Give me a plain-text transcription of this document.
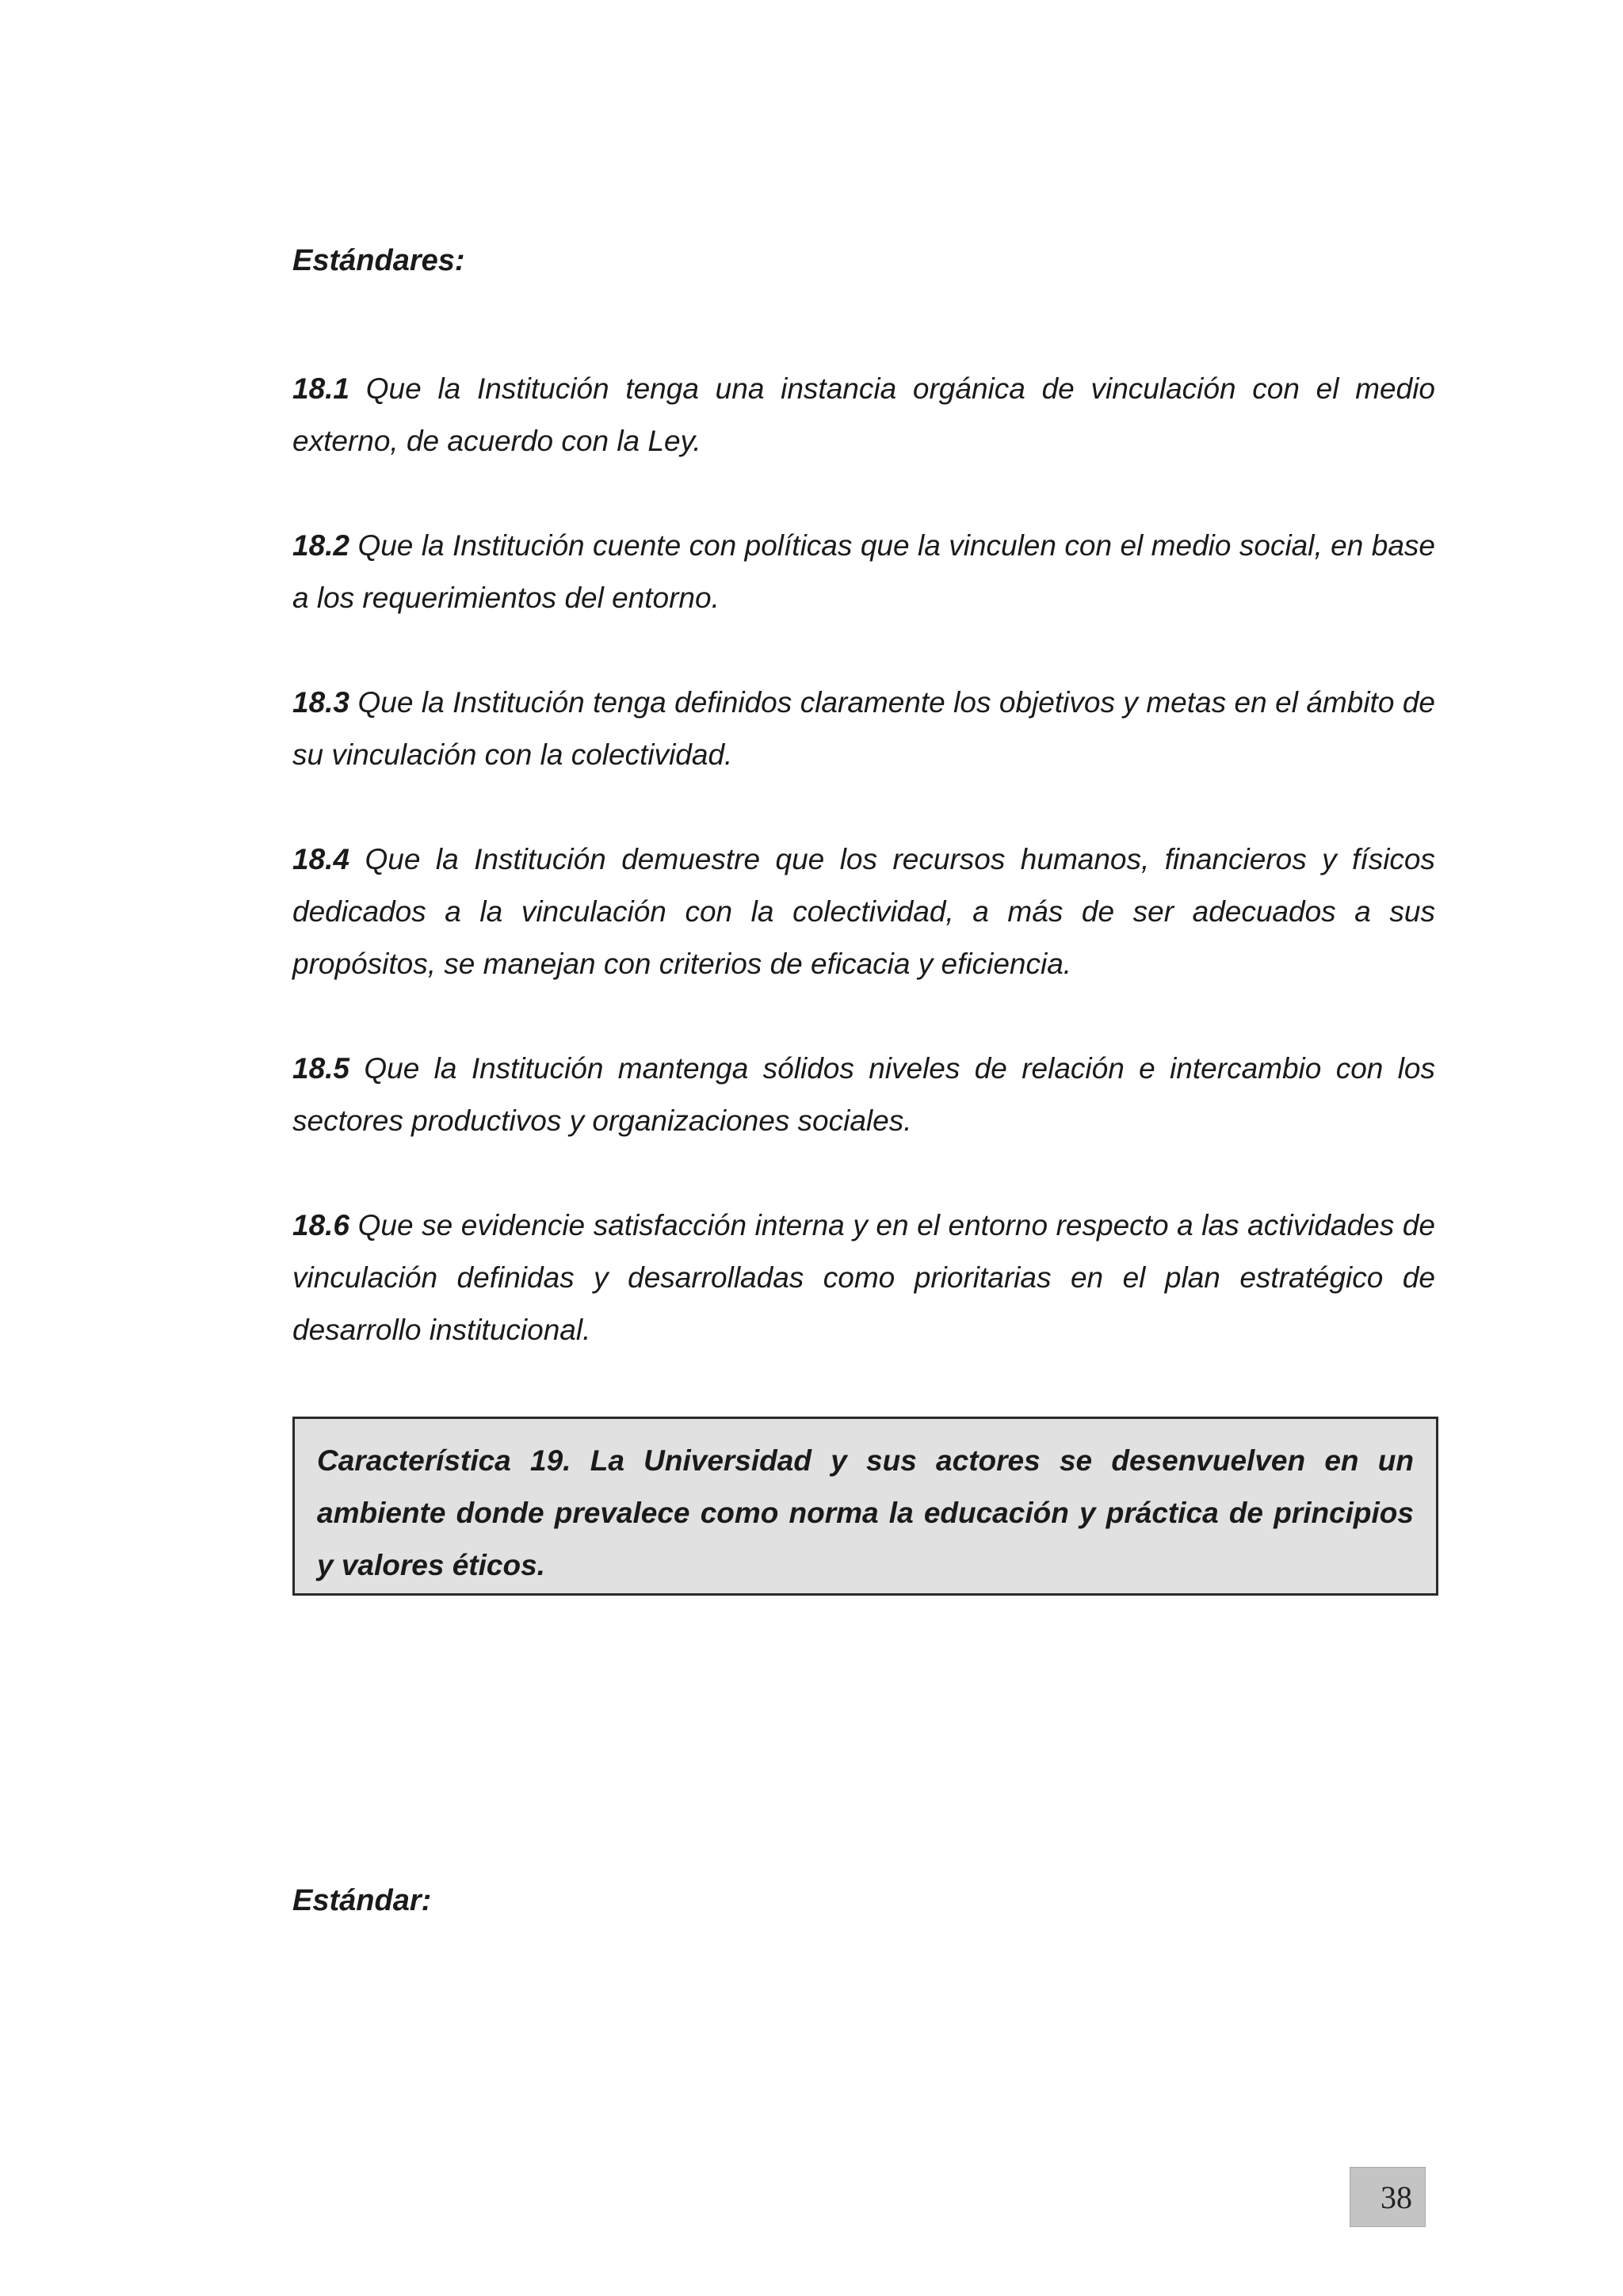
Estándares:

18.1 Que la Institución tenga una instancia orgánica de vinculación con el medio externo, de acuerdo con la Ley.

18.2 Que la Institución cuente con políticas que la vinculen con el medio social, en base a los requerimientos del entorno.

18.3 Que la Institución tenga definidos claramente los objetivos y metas en el ámbito de su vinculación con la colectividad.

18.4 Que la Institución demuestre que los recursos humanos, financieros y físicos dedicados a la vinculación con la colectividad, a más de ser adecuados a sus propósitos, se manejan con criterios de eficacia y eficiencia.

18.5 Que la Institución mantenga sólidos niveles de relación e intercambio con los sectores productivos y organizaciones sociales.

18.6 Que se evidencie satisfacción interna y en el entorno respecto a las actividades de vinculación definidas y desarrolladas como prioritarias en el plan estratégico de desarrollo institucional.

Característica 19. La Universidad y sus actores se desenvuelven en un ambiente donde prevalece como norma la educación y práctica de principios y valores éticos.

Estándar:
38
